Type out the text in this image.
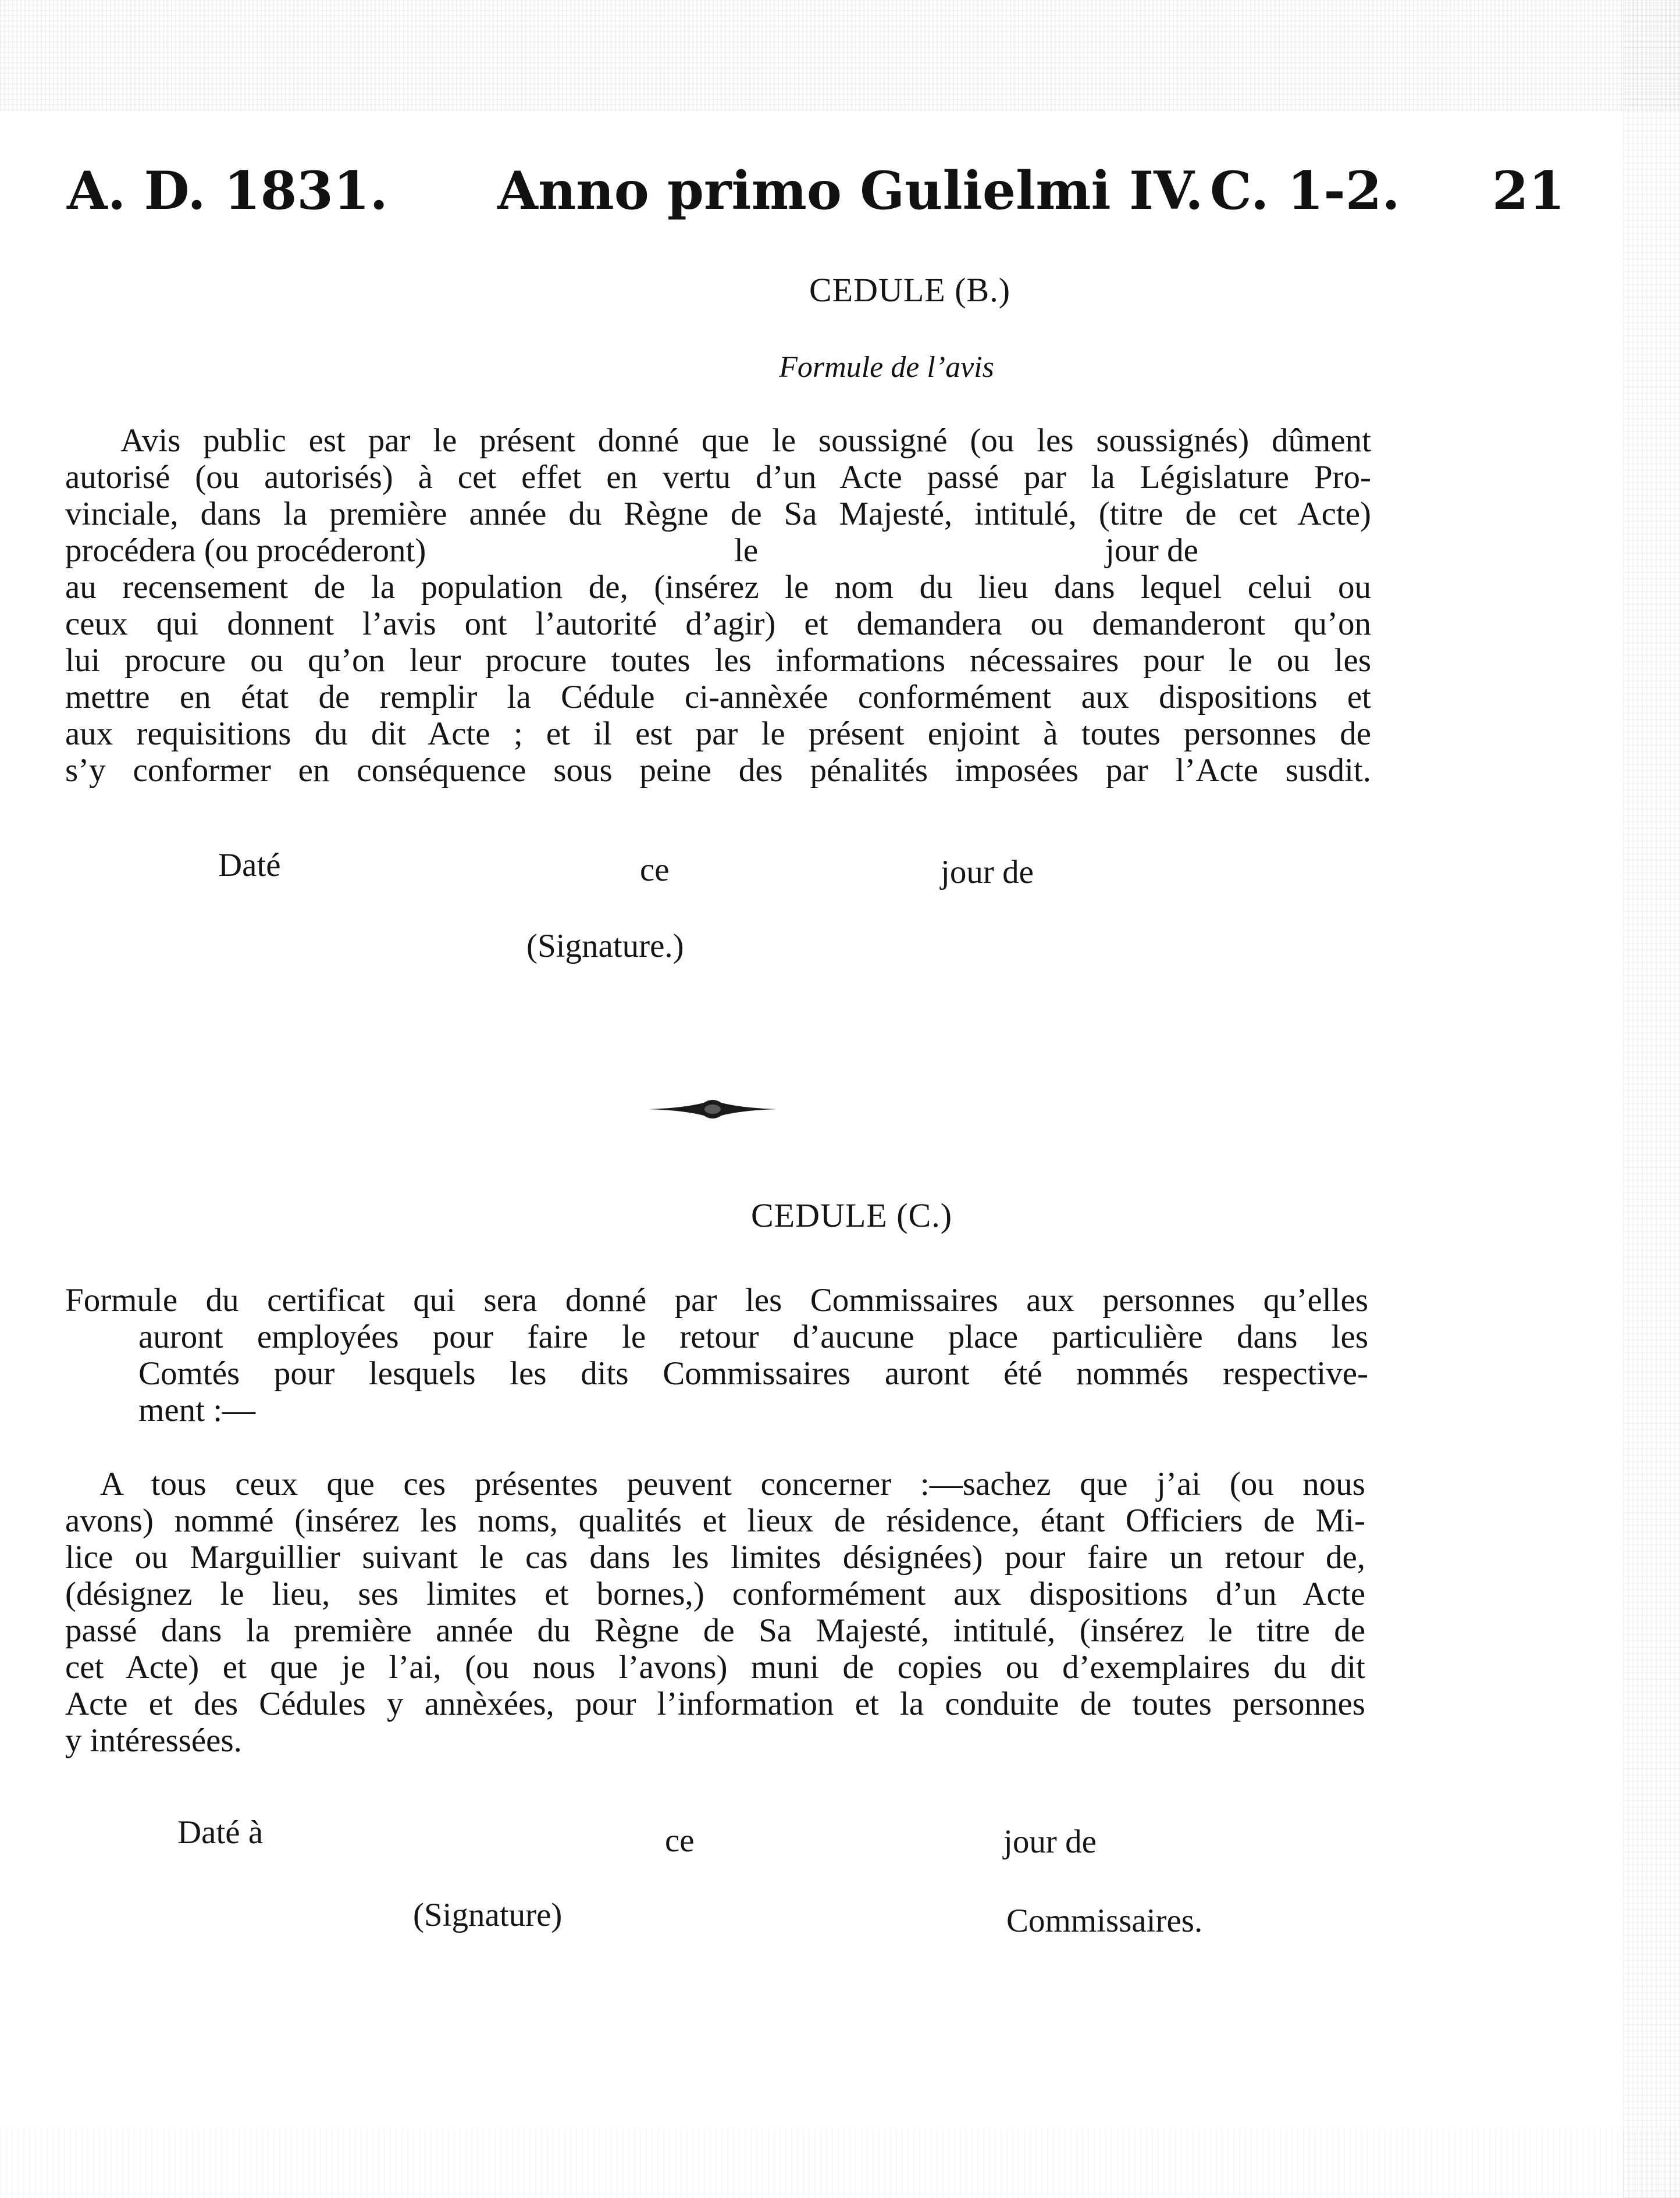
A. D. 1831. Anno primo Gulielmi IV. C. 1-2. 21
CEDULE (B.)
Formule de l’avis
Avis public est par le présent donné que le soussigné (ou les soussignés) dûment
autorisé (ou autorisés) à cet effet en vertu d’un Acte passé par la Législature Pro-
vinciale, dans la première année du Règne de Sa Majesté, intitulé, (titre de cet Acte)
procédera (ou procéderont)	le	jour de
au recensement de la population de, (insérez le nom du lieu dans lequel celui ou
ceux qui donnent l’avis ont l’autorité d’agir) et demandera ou demanderont qu’on
lui procure ou qu’on leur procure toutes les informations nécessaires pour le ou les
mettre en état de remplir la Cédule ci-annèxée conformément aux dispositions et
aux requisitions du dit Acte ; et il est par le présent enjoint à toutes personnes de
s’y conformer en conséquence sous peine des pénalités imposées par l’Acte susdit.
Daté	ce	jour de
(Signature.)
CEDULE (C.)
Formule du certificat qui sera donné par les Commissaires aux personnes qu’elles
auront employées pour faire le retour d’aucune place particulière dans les
Comtés pour lesquels les dits Commissaires auront été nommés respective-
ment :—
A tous ceux que ces présentes peuvent concerner :—sachez que j’ai (ou nous
avons) nommé (insérez les noms, qualités et lieux de résidence, étant Officiers de Mi-
lice ou Marguillier suivant le cas dans les limites désignées) pour faire un retour de,
(désignez le lieu, ses limites et bornes,) conformément aux dispositions d’un Acte
passé dans la première année du Règne de Sa Majesté, intitulé, (insérez le titre de
cet Acte) et que je l’ai, (ou nous l’avons) muni de copies ou d’exemplaires du dit
Acte et des Cédules y annèxées, pour l’information et la conduite de toutes personnes
y intéressées.
Daté à	ce	jour de
(Signature)	Commissaires.
